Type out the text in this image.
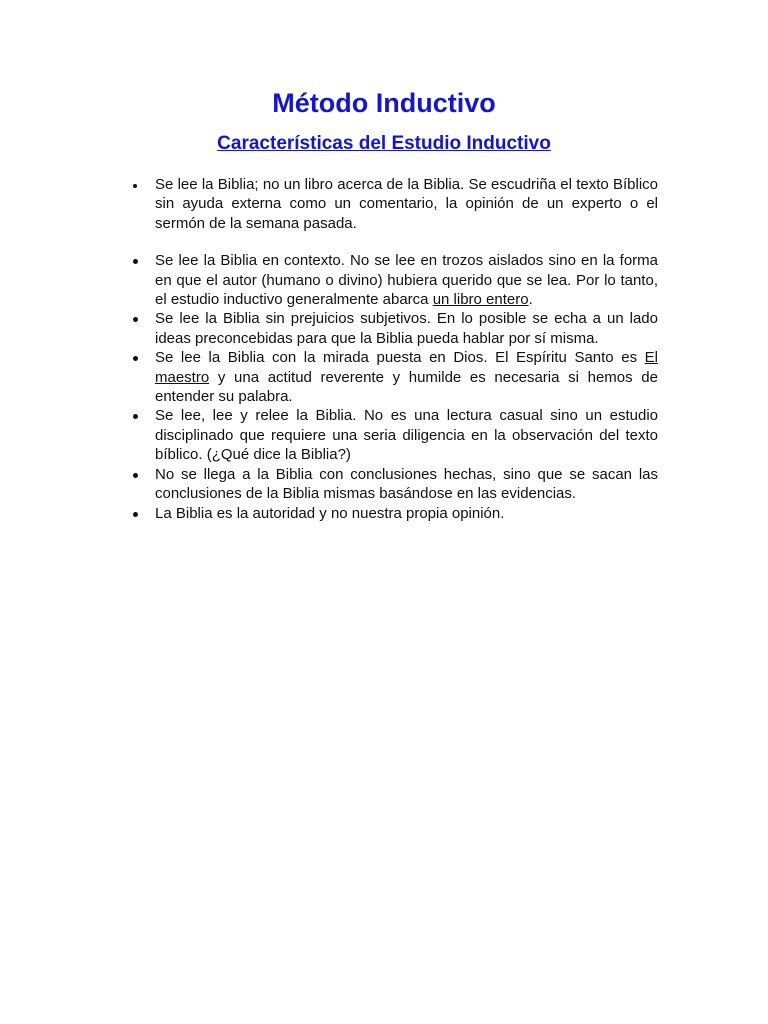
Método Inductivo
Características del Estudio Inductivo
Se lee la Biblia; no un libro acerca de la Biblia. Se escudriña el texto Bíblico sin ayuda externa como un comentario, la opinión de un experto o el sermón de la semana pasada.
Se lee la Biblia en contexto. No se lee en trozos aislados sino en la forma en que el autor (humano o divino) hubiera querido que se lea. Por lo tanto, el estudio inductivo generalmente abarca un libro entero.
Se lee la Biblia sin prejuicios subjetivos. En lo posible se echa a un lado ideas preconcebidas para que la Biblia pueda hablar por sí misma.
Se lee la Biblia con la mirada puesta en Dios. El Espíritu Santo es El maestro y una actitud reverente y humilde es necesaria si hemos de entender su palabra.
Se lee, lee y relee la Biblia. No es una lectura casual sino un estudio disciplinado que requiere una seria diligencia en la observación del texto bíblico. (¿Qué dice la Biblia?)
No se llega a la Biblia con conclusiones hechas, sino que se sacan las conclusiones de la Biblia mismas basándose en las evidencias.
La Biblia es la autoridad y no nuestra propia opinión.
